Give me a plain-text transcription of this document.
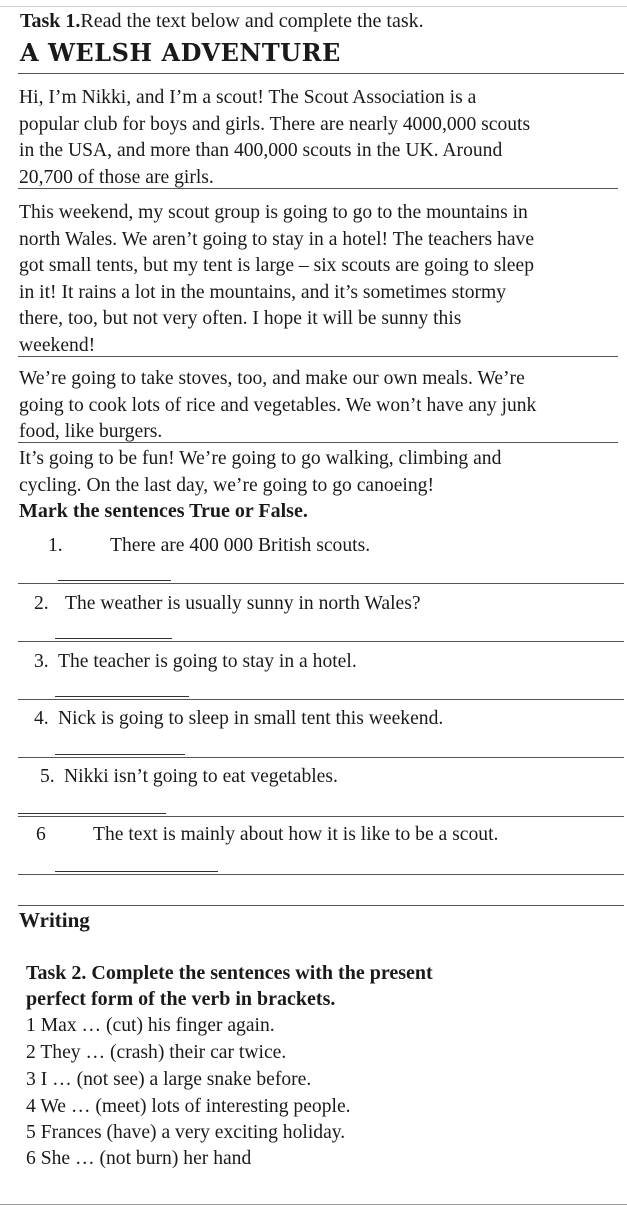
Task 1.Read the text below and complete the task.
A WELSH ADVENTURE
Hi, I’m Nikki, and I’m a scout! The Scout Association is a
popular club for boys and girls. There are nearly 4000,000 scouts
in the USA, and more than 400,000 scouts in the UK. Around
20,700 of those are girls.
This weekend, my scout group is going to go to the mountains in
north Wales. We aren’t going to stay in a hotel! The teachers have
got small tents, but my tent is large – six scouts are going to sleep
in it! It rains a lot in the mountains, and it’s sometimes stormy
there, too, but not very often. I hope it will be sunny this
weekend!
We’re going to take stoves, too, and make our own meals. We’re
going to cook lots of rice and vegetables. We won’t have any junk
food, like burgers.
It’s going to be fun! We’re going to go walking, climbing and
cycling. On the last day, we’re going to go canoeing!
Mark the sentences True or False.
1. There are 400 000 British scouts.
2. The weather is usually sunny in north Wales?
3. The teacher is going to stay in a hotel.
4. Nick is going to sleep in small tent this weekend.
5. Nikki isn’t going to eat vegetables.
6 The text is mainly about how it is like to be a scout.
Writing
Task 2. Complete the sentences with the present
perfect form of the verb in brackets.
1 Max … (cut) his finger again.
2 They … (crash) their car twice.
3 I … (not see) a large snake before.
4 We … (meet) lots of interesting people.
5 Frances (have) a very exciting holiday.
6 She … (not burn) her hand
